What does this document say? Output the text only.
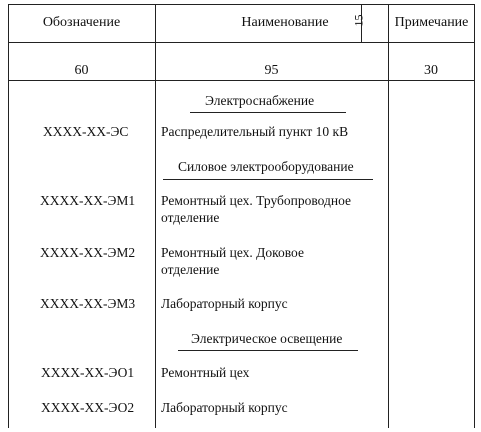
15
Обозначение	Наименование	Примечание
60	95	30
Электроснабжение
ХХХХ-ХХ-ЭС Распределительный пункт 10 кВ
Силовое электрооборудование
ХХХХ-ХХ-ЭМ1 Ремонтный цех. Трубопроводное
отделение
ХХХХ-ХХ-ЭМ2 Ремонтный цех. Доковое
отделение
ХХХХ-ХХ-ЭМ3 Лабораторный корпус
Электрическое освещение
ХХХХ-ХХ-ЭО1 Ремонтный цех
ХХХХ-ХХ-ЭО2 Лабораторный корпус
